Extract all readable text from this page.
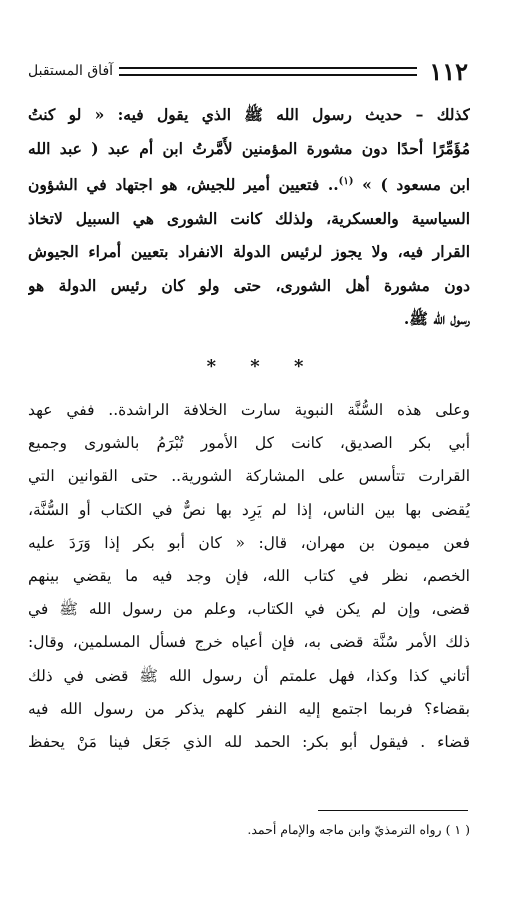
١١٢
آفاق المستقبل
كذلك – حديث رسول الله ﷺ الذي يقول فيه: « لو كنتُ
مُؤَمِّرًا أحدًا دون مشورة المؤمنين لأَمَّرتُ ابن أم عبد ( عبد الله
ابن مسعود ) » $^{(١)}$.. فتعيين أمير للجيش، هو اجتهاد في الشؤون
السياسية والعسكرية، ولذلك كانت الشورى هي السبيل لاتخاذ
القرار فيه، ولا يجوز لرئيس الدولة الانفراد بتعيين أمراء الجيوش
دون مشورة أهل الشورى، حتى ولو كان رئيس الدولة هو
رسول الله ﷺ.
* * *
وعلى هذه السُّنَّة النبوية سارت الخلافة الراشدة.. ففي عهد
أبي بكر الصديق، كانت كل الأمور تُبْرَمُ بالشورى وجميع
القرارت تتأسس على المشاركة الشورية.. حتى القوانين التي
يُقضى بها بين الناس، إذا لم يَرِد بها نصٌّ في الكتاب أو السُّنَّة،
فعن ميمون بن مهران، قال: « كان أبو بكر إذا وَرَدَ عليه
الخصم، نظر في كتاب الله، فإن وجد فيه ما يقضي بينهم
قضى، وإن لم يكن في الكتاب، وعلم من رسول الله ﷺ في
ذلك الأمر سُنَّة قضى به، فإن أعياه خرج فسأل المسلمين، وقال:
أتاني كذا وكذا، فهل علمتم أن رسول الله ﷺ قضى في ذلك
بقضاء؟ فربما اجتمع إليه النفر كلهم يذكر من رسول الله فيه
قضاء . فيقول أبو بكر: الحمد لله الذي جَعَل فينا مَنْ يحفظ
( ١ ) رواه الترمذيّ وابن ماجه والإمام أحمد.
